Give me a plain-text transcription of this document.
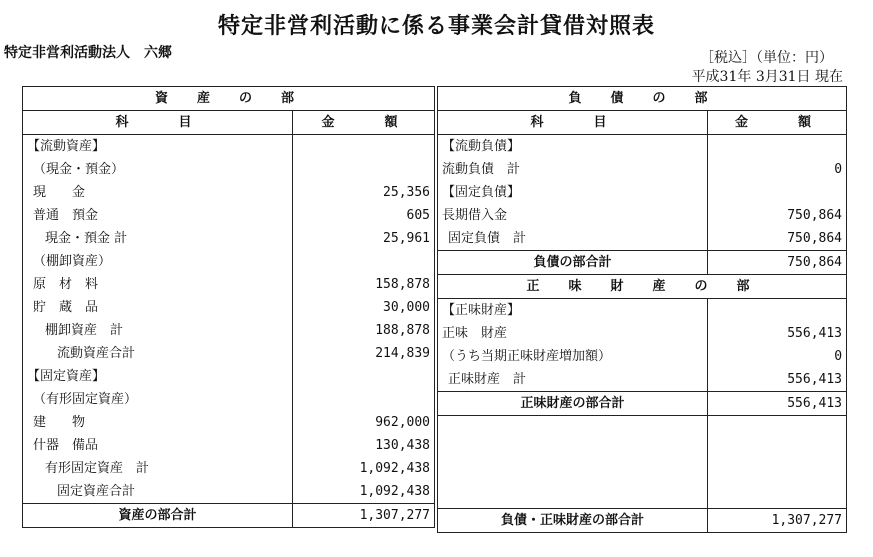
特定非営利活動に係る事業会計貸借対照表
特定非営利活動法人　六郷	［税込］（単位：円）
平成31年 3月31日 現在
資　産　の　部	
科　　目	金　　額
【流動資産】	
（現金・預金）	
現　　金	25,356
普通　預金	605
現金・預金 計	25,961
（棚卸資産）	
原　材　料	158,878
貯　蔵　品	30,000
棚卸資産　計	188,878
流動資産合計	214,839
【固定資産】	
（有形固定資産）	
建　　物	962,000
什器　備品	130,438
有形固定資産　計	1,092,438
固定資産合計	1,092,438
資産の部合計	1,307,277
負　債　の　部	
科　　目	金　　額
【流動負債】	
流動負債　計	0
【固定負債】	
長期借入金	750,864
固定負債　計	750,864
負債の部合計	750,864
正　味　財　産　の　部	
【正味財産】	
正味　財産	556,413
（うち当期正味財産増加額）	0
正味財産　計	556,413
正味財産の部合計	556,413

負債・正味財産の部合計	1,307,277
